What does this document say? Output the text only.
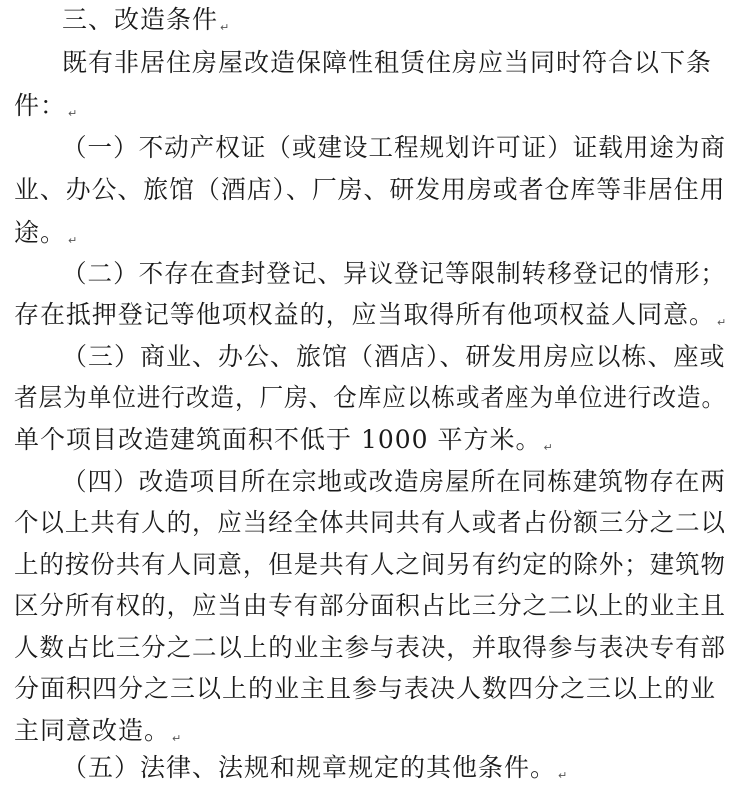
三、改造条件 ↵
既有非居住房屋改造保障性租赁住房应当同时符合以下条
件： ↵
（一）不动产权证（或建设工程规划许可证）证载用途为商
业、办公、旅馆（酒店）、厂房、研发用房或者仓库等非居住用
途。 ↵
（二）不存在查封登记、异议登记等限制转移登记的情形；
存在抵押登记等他项权益的，应当取得所有他项权益人同意。 ↵
（三）商业、办公、旅馆（酒店）、研发用房应以栋、座或
者层为单位进行改造，厂房、仓库应以栋或者座为单位进行改造。
单个项目改造建筑面积不低于 1000 平方米。 ↵
（四）改造项目所在宗地或改造房屋所在同栋建筑物存在两
个以上共有人的，应当经全体共同共有人或者占份额三分之二以
上的按份共有人同意，但是共有人之间另有约定的除外；建筑物
区分所有权的，应当由专有部分面积占比三分之二以上的业主且
人数占比三分之二以上的业主参与表决，并取得参与表决专有部
分面积四分之三以上的业主且参与表决人数四分之三以上的业
主同意改造。 ↵
（五）法律、法规和规章规定的其他条件。 ↵
